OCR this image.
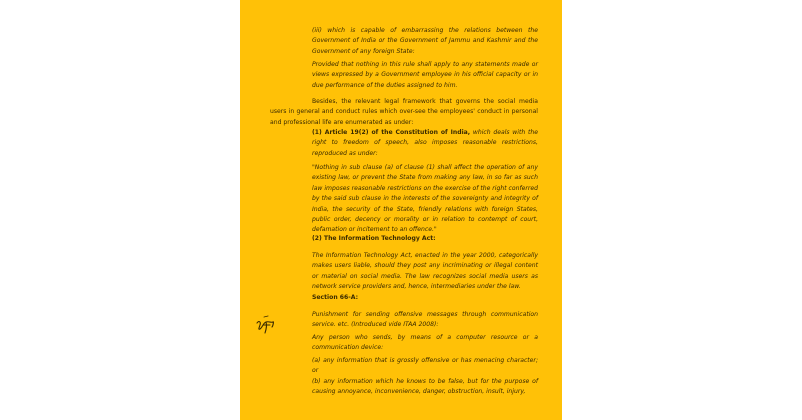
(iii) which is capable of embarrassing the relations between the Government of India or the Government of Jammu and Kashmir and the Government of any foreign State:

Provided that nothing in this rule shall apply to any statements made or views expressed by a Government employee in his official capacity or in due performance of the duties assigned to him.

Besides, the relevant legal framework that governs the social media users in general and conduct rules which over-see the employees' conduct in personal and professional life are enumerated as under:

(1) Article 19(2) of the Constitution of India, which deals with the right to freedom of speech, also imposes reasonable restrictions, reproduced as under:

"Nothing in sub clause (a) of clause (1) shall affect the operation of any existing law, or prevent the State from making any law, in so far as such law imposes reasonable restrictions on the exercise of the right conferred by the said sub clause in the interests of the sovereignty and integrity of India, the security of the State, friendly relations with foreign States, public order, decency or morality or in relation to contempt of court, defamation or incitement to an offence."

(2) The Information Technology Act:

The Information Technology Act, enacted in the year 2000, categorically makes users liable, should they post any incriminating or illegal content or material on social media. The law recognizes social media users as network service providers and, hence, intermediaries under the law.

Section 66-A:

Punishment for sending offensive messages through communication service. etc. (Introduced vide ITAA 2008):

Any person who sends, by means of a computer resource or a communication device:

(a) any information that is grossly offensive or has menacing character; or

(b) any information which he knows to be false, but for the purpose of causing annoyance, inconvenience, danger, obstruction, insult, injury,
